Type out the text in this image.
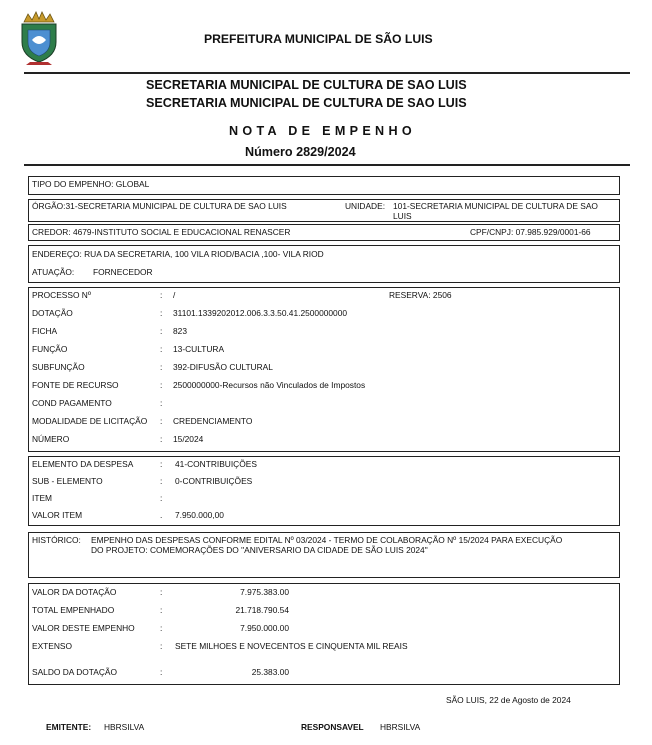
PREFEITURA MUNICIPAL DE SÃO LUIS
SECRETARIA MUNICIPAL DE CULTURA DE SAO LUIS
SECRETARIA MUNICIPAL DE CULTURA DE SAO LUIS
NOTA DE EMPENHO
Número 2829/2024
TIPO DO EMPENHO: GLOBAL
ÓRGÃO:31-SECRETARIA MUNICIPAL DE CULTURA DE SAO LUIS	UNIDADE: 101-SECRETARIA MUNICIPAL DE CULTURA DE SAO
LUIS
CREDOR: 4679-INSTITUTO SOCIAL E EDUCACIONAL RENASCER	CPF/CNPJ: 07.985.929/0001-66
ENDEREÇO: RUA DA SECRETARIA, 100 VILA RIOD/BACIA ,100- VILA RIOD
ATUAÇÃO: FORNECEDOR
PROCESSO Nº	: /	RESERVA: 2506
DOTAÇÃO	: 31101.1339202012.006.3.3.50.41.2500000000
FICHA	: 823
FUNÇÃO	: 13-CULTURA
SUBFUNÇÃO	: 392-DIFUSÃO CULTURAL
FONTE DE RECURSO	: 2500000000-Recursos não Vinculados de Impostos
COND PAGAMENTO	:
MODALIDADE DE LICITAÇÃO : CREDENCIAMENTO
NÚMERO	: 15/2024
ELEMENTO DA DESPESA	: 41-CONTRIBUIÇÕES
SUB - ELEMENTO	: 0-CONTRIBUIÇÕES
ITEM	:
VALOR ITEM	. 7.950.000,00
HISTÓRICO: EMPENHO DAS DESPESAS CONFORME EDITAL Nº 03/2024 - TERMO DE COLABORAÇÃO Nº 15/2024 PARA EXECUÇÃO
DO PROJETO: COMEMORAÇÕES DO "ANIVERSARIO DA CIDADE DE SÃO LUIS 2024"
VALOR DA DOTAÇÃO	:	7.975.383.00
TOTAL EMPENHADO	:	21.718.790.54
VALOR DESTE EMPENHO	:	7.950.000.00
EXTENSO	: SETE MILHOES E NOVECENTOS E CINQUENTA MIL REAIS
SALDO DA DOTAÇÃO	:	25.383.00
SÃO LUIS, 22 de Agosto de 2024
EMITENTE: HBRSILVA	RESPONSAVEL HBRSILVA
